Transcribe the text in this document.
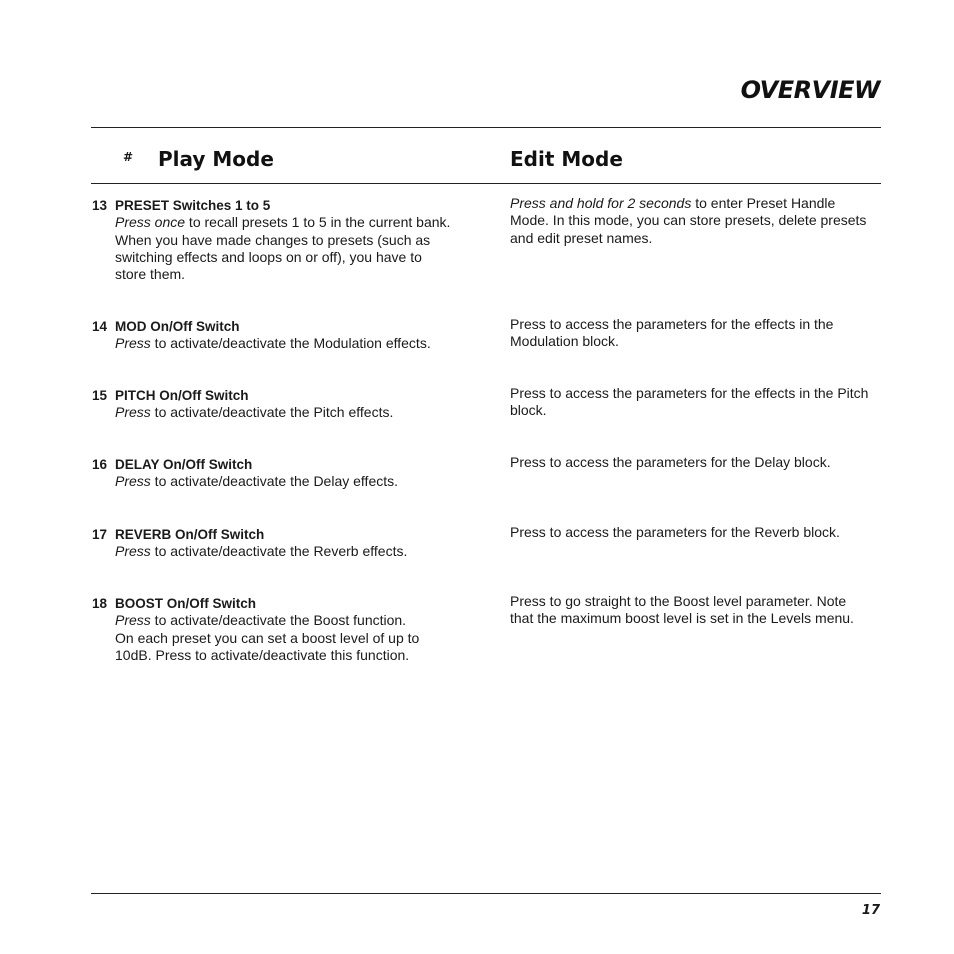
OVERVIEW
# Play Mode	Edit Mode
13 PRESET Switches 1 to 5
Press once to recall presets 1 to 5 in the current bank.
When you have made changes to presets (such as switching effects and loops on or off), you have to store them.
Press and hold for 2 seconds to enter Preset Handle Mode. In this mode, you can store presets, delete presets and edit preset names.
14 MOD On/Off Switch
Press to activate/deactivate the Modulation effects.
Press to access the parameters for the effects in the Modulation block.
15 PITCH On/Off Switch
Press to activate/deactivate the Pitch effects.
Press to access the parameters for the effects in the Pitch block.
16 DELAY On/Off Switch
Press to activate/deactivate the Delay effects.
Press to access the parameters for the Delay block.
17 REVERB On/Off Switch
Press to activate/deactivate the Reverb effects.
Press to access the parameters for the Reverb block.
18 BOOST On/Off Switch
Press to activate/deactivate the Boost function.
On each preset you can set a boost level of up to 10dB. Press to activate/deactivate this function.
Press to go straight to the Boost level parameter. Note that the maximum boost level is set in the Levels menu.
17
